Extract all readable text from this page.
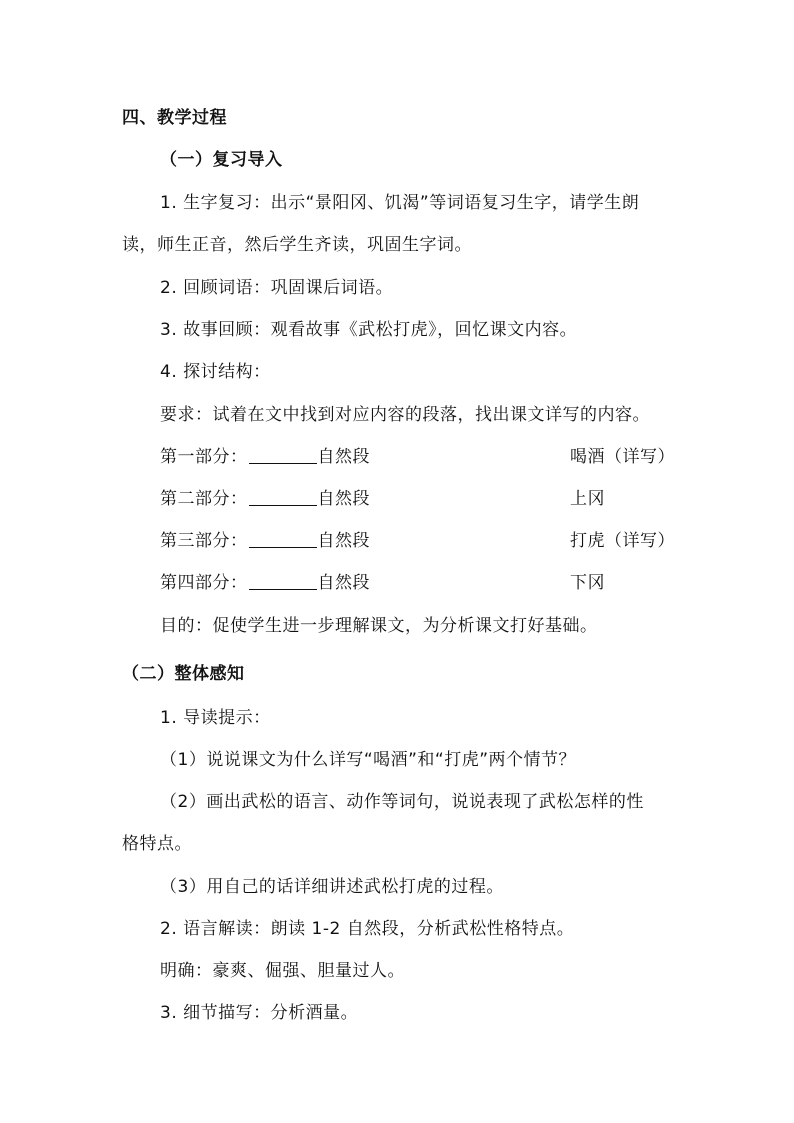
四、教学过程
（一）复习导入
1. 生字复习：出示“景阳冈、饥渴”等词语复习生字，请学生朗
读，师生正音，然后学生齐读，巩固生字词。
2. 回顾词语：巩固课后词语。
3. 故事回顾：观看故事《武松打虎》，回忆课文内容。
4. 探讨结构：
要求：试着在文中找到对应内容的段落，找出课文详写的内容。
第一部分：	自然段	喝酒（详写）
第二部分：	自然段	上冈
第三部分：	自然段	打虎（详写）
第四部分：	自然段	下冈
目的：促使学生进一步理解课文，为分析课文打好基础。
（二）整体感知
1. 导读提示：
（1）说说课文为什么详写“喝酒”和“打虎”两个情节？
（2）画出武松的语言、动作等词句，说说表现了武松怎样的性
格特点。
（3）用自己的话详细讲述武松打虎的过程。
2. 语言解读：朗读 1-2 自然段，分析武松性格特点。
明确：豪爽、倔强、胆量过人。
3. 细节描写：分析酒量。
